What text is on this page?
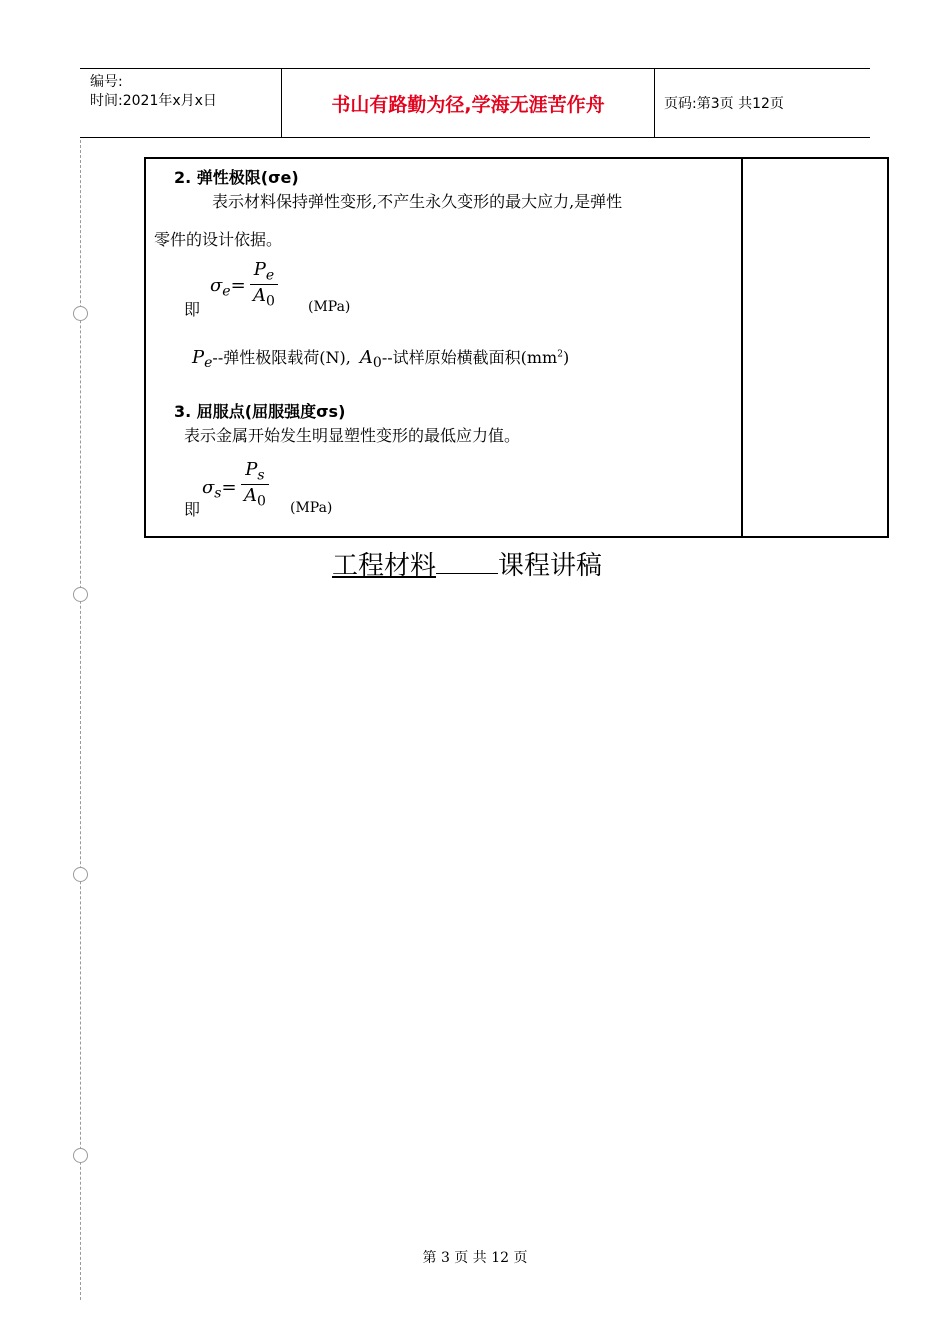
编号:
时间:2021年x月x日	书山有路勤为径,学海无涯苦作舟	页码:第3页 共12页
2. 弹性极限(σe)
表示材料保持弹性变形,不产生永久变形的最大应力,是弹性
零件的设计依据。
即
$\sigma_e= \frac{P_e}{A_0} (MPa)$
$P_e--$弹性极限载荷(N), $A_0--$试样原始横截面积$(mm^2)$
3. 屈服点(屈服强度σs)
表示金属开始发生明显塑性变形的最低应力值。
即
$\sigma_s= \frac{P_s}{A_0} (MPa)$
工程材料 课程讲稿
第 3 页 共 12 页
